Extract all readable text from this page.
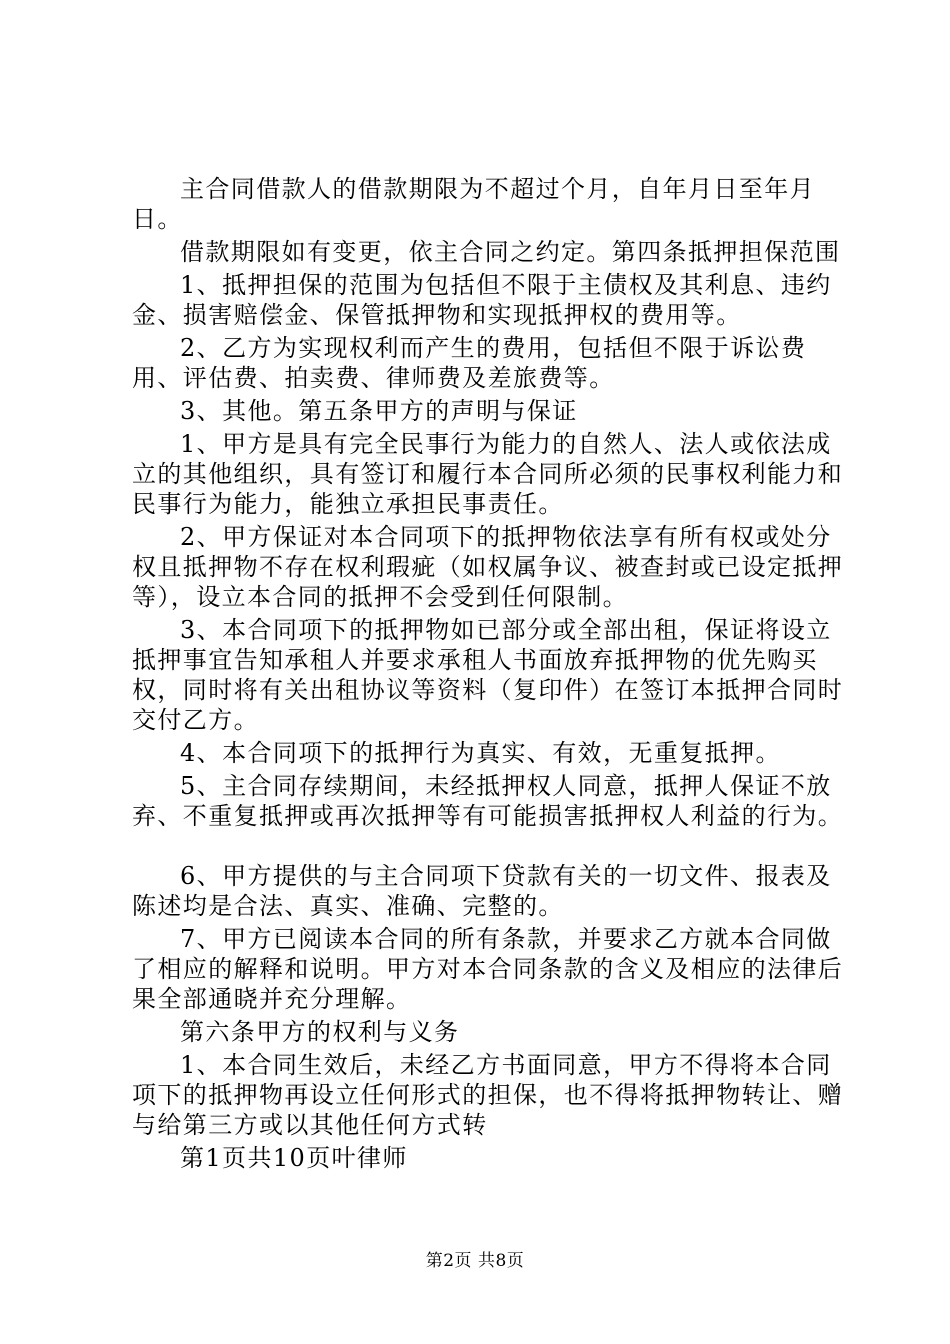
主合同借款人的借款期限为不超过个月，自年月日至年月日。

借款期限如有变更，依主合同之约定。第四条抵押担保范围

1、抵押担保的范围为包括但不限于主债权及其利息、违约金、损害赔偿金、保管抵押物和实现抵押权的费用等。

2、乙方为实现权利而产生的费用，包括但不限于诉讼费用、评估费、拍卖费、律师费及差旅费等。

3、其他。第五条甲方的声明与保证

1、甲方是具有完全民事行为能力的自然人、法人或依法成立的其他组织，具有签订和履行本合同所必须的民事权利能力和民事行为能力，能独立承担民事责任。

2、甲方保证对本合同项下的抵押物依法享有所有权或处分权且抵押物不存在权利瑕疵（如权属争议、被查封或已设定抵押等），设立本合同的抵押不会受到任何限制。

3、本合同项下的抵押物如已部分或全部出租，保证将设立抵押事宜告知承租人并要求承租人书面放弃抵押物的优先购买权，同时将有关出租协议等资料（复印件）在签订本抵押合同时交付乙方。

4、本合同项下的抵押行为真实、有效，无重复抵押。

5、主合同存续期间，未经抵押权人同意，抵押人保证不放弃、不重复抵押或再次抵押等有可能损害抵押权人利益的行为。

6、甲方提供的与主合同项下贷款有关的一切文件、报表及陈述均是合法、真实、准确、完整的。

7、甲方已阅读本合同的所有条款，并要求乙方就本合同做了相应的解释和说明。甲方对本合同条款的含义及相应的法律后果全部通晓并充分理解。

第六条甲方的权利与义务

1、本合同生效后，未经乙方书面同意，甲方不得将本合同项下的抵押物再设立任何形式的担保，也不得将抵押物转让、赠与给第三方或以其他任何方式转

第1页共10页叶律师

第2页 共8页
